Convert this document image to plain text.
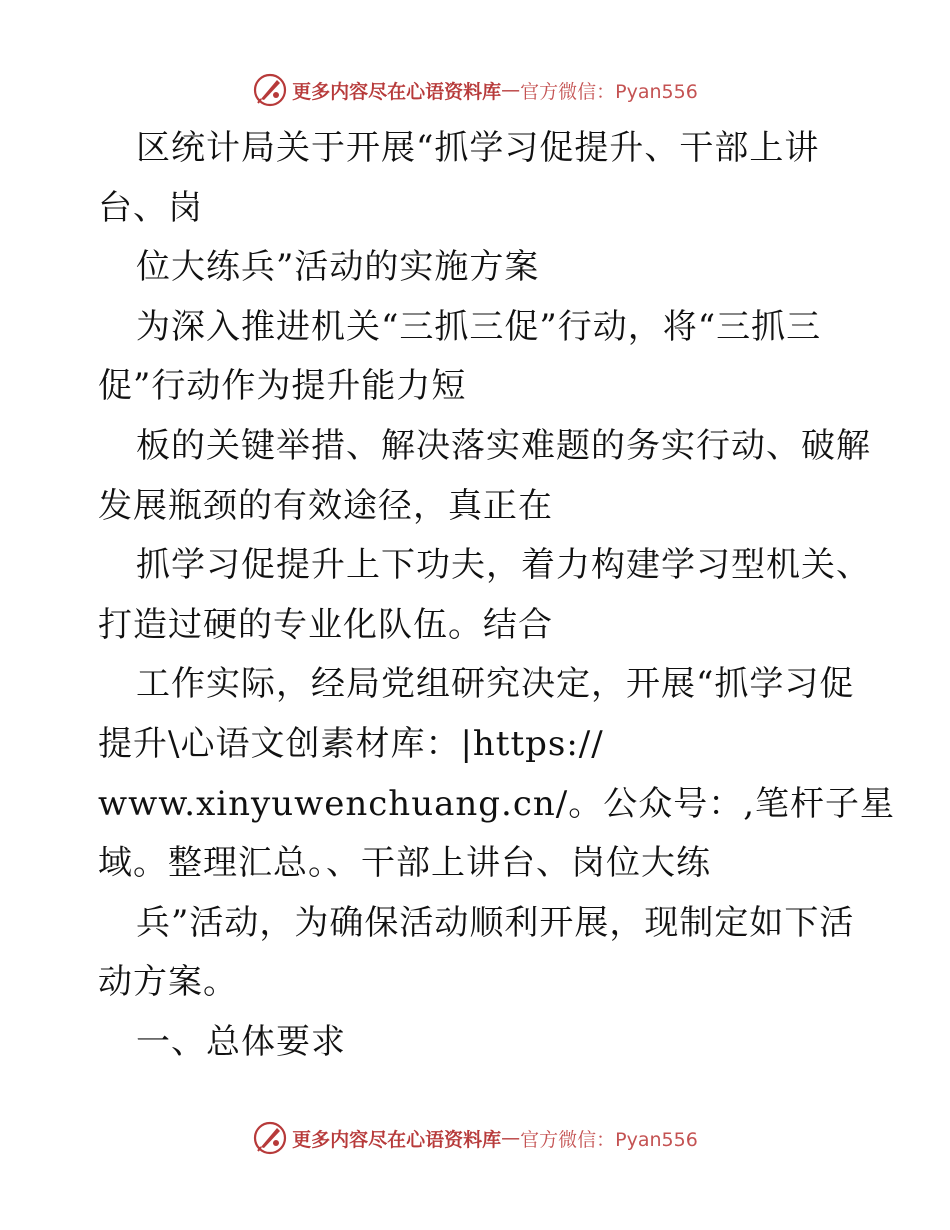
更多内容尽在心语资料库 — 官方微信：Pyan556
区统计局关于开展“抓学习促提升、干部上讲
台、岗
位大练兵”活动的实施方案
为深入推进机关“三抓三促”行动，将“三抓三
促”行动作为提升能力短
板的关键举措、解决落实难题的务实行动、破解
发展瓶颈的有效途径，真正在
抓学习促提升上下功夫，着力构建学习型机关、
打造过硬的专业化队伍。结合
工作实际，经局党组研究决定，开展“抓学习促
提升\心语文创素材库：|https://
www.xinyuwenchuang.cn/。公众号：,笔杆子星
域。整理汇总。、干部上讲台、岗位大练
兵”活动，为确保活动顺利开展，现制定如下活
动方案。
一、总体要求
更多内容尽在心语资料库 — 官方微信：Pyan556
